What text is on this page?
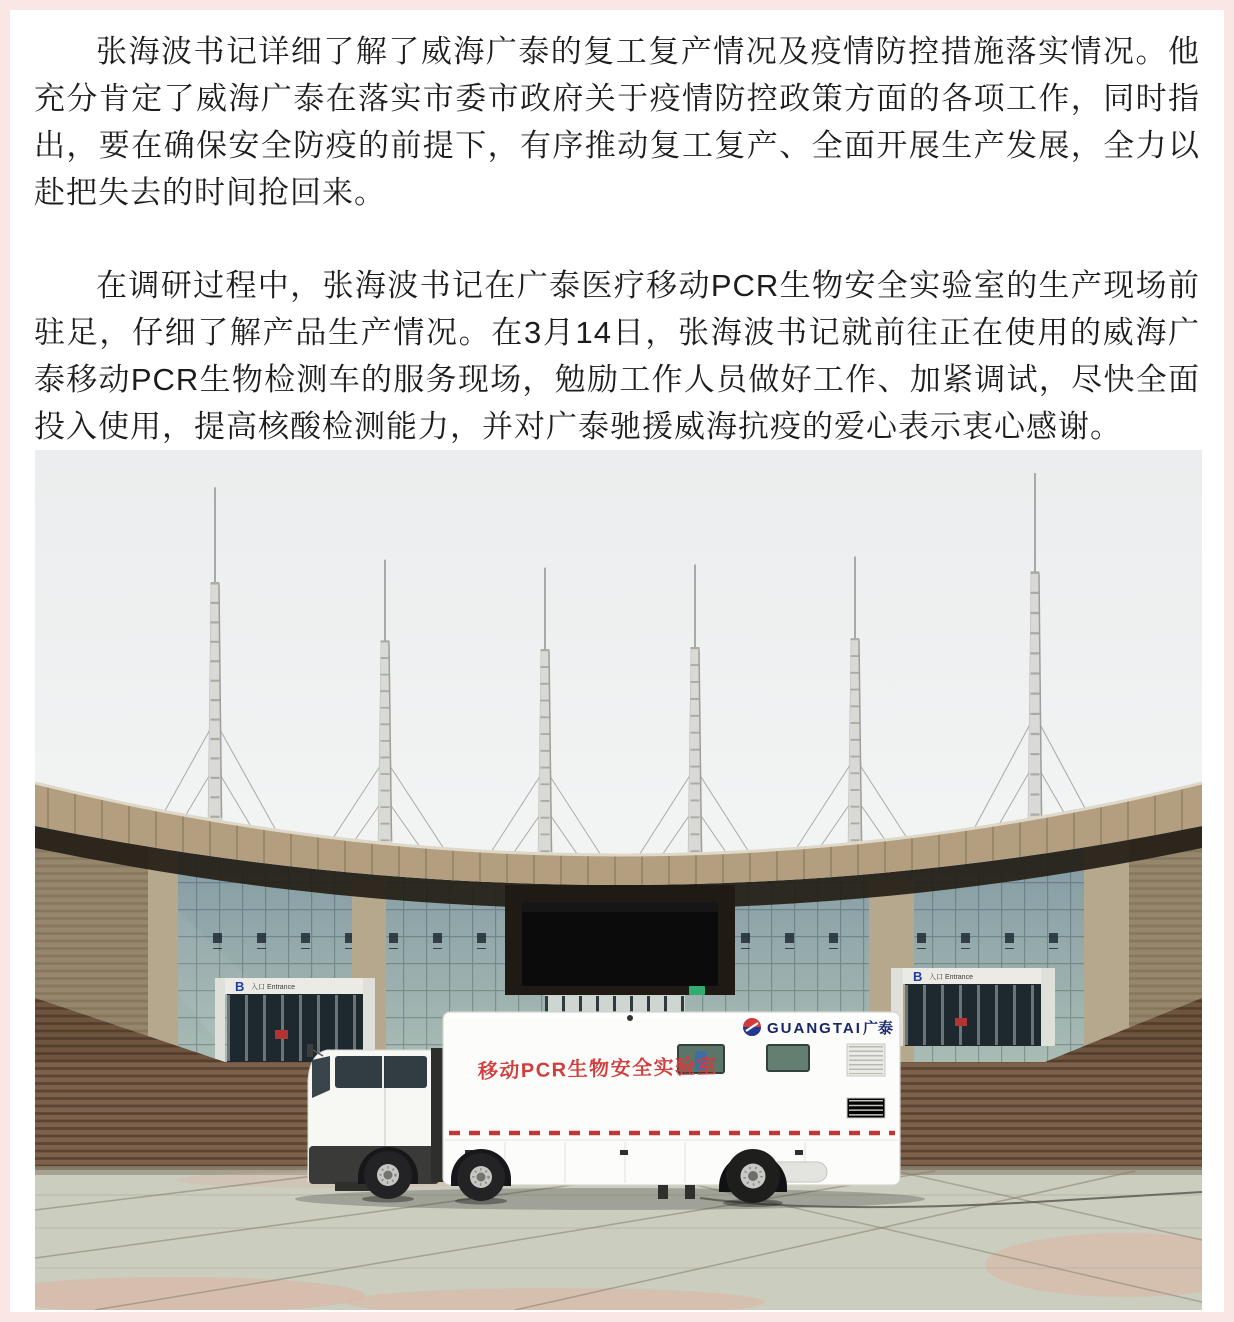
张海波书记详细了解了威海广泰的复工复产情况及疫情防控措施落实情况。他充分肯定了威海广泰在落实市委市政府关于疫情防控政策方面的各项工作，同时指出，要在确保安全防疫的前提下，有序推动复工复产、全面开展生产发展，全力以赴把失去的时间抢回来。

在调研过程中，张海波书记在广泰医疗移动PCR生物安全实验室的生产现场前驻足，仔细了解产品生产情况。在3月14日，张海波书记就前往正在使用的威海广泰移动PCR生物检测车的服务现场，勉励工作人员做好工作、加紧调试，尽快全面投入使用，提高核酸检测能力，并对广泰驰援威海抗疫的爱心表示衷心感谢。

B 入口 Entrance
B 入口 Entrance
移动PCR生物安全实验室
GUANGTAI 广泰
